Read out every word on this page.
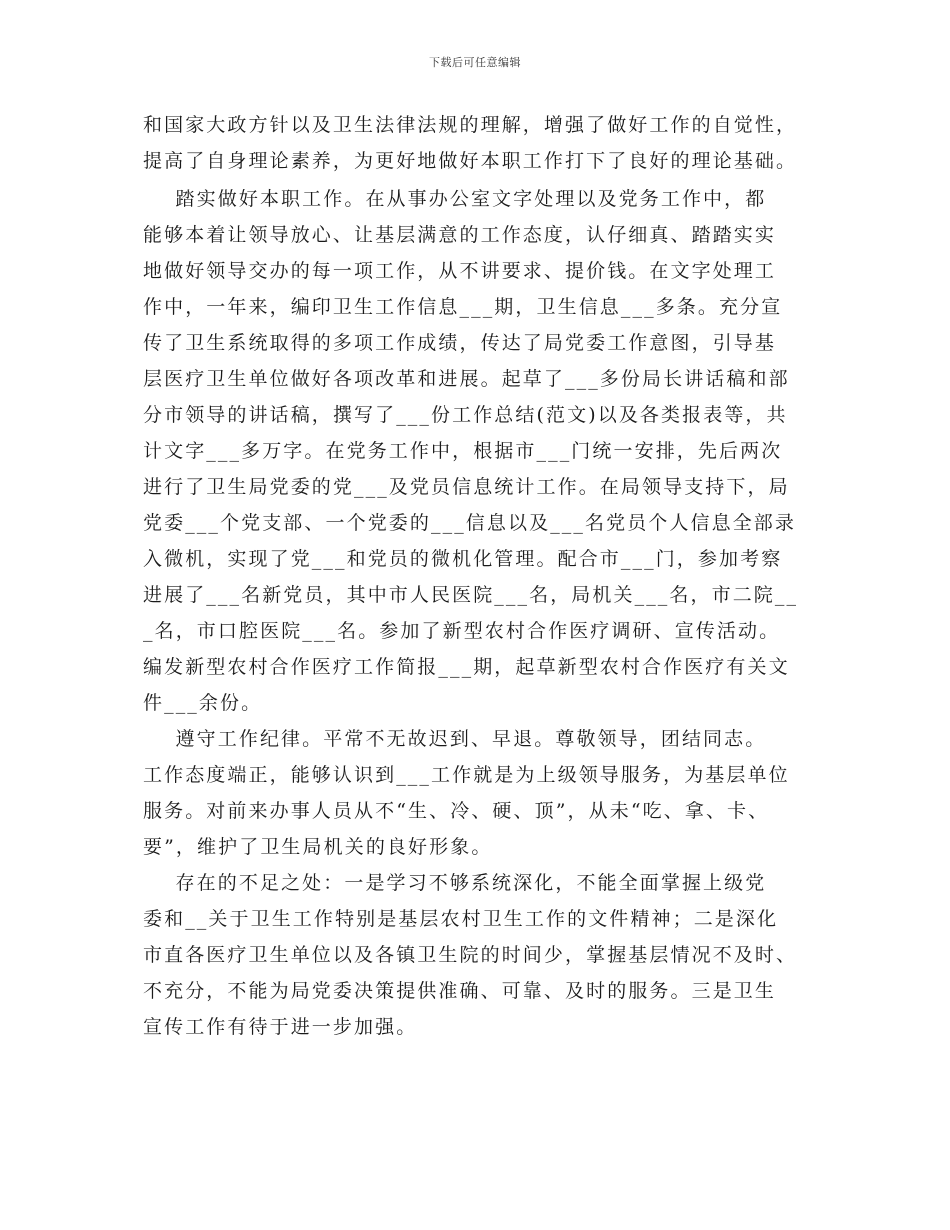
下载后可任意编辑
和国家大政方针以及卫生法律法规的理解，增强了做好工作的自觉性，
提高了自身理论素养，为更好地做好本职工作打下了良好的理论基础。
踏实做好本职工作。在从事办公室文字处理以及党务工作中，都
能够本着让领导放心、让基层满意的工作态度，认仔细真、踏踏实实
地做好领导交办的每一项工作，从不讲要求、提价钱。在文字处理工
作中，一年来，编印卫生工作信息___期，卫生信息___多条。充分宣
传了卫生系统取得的多项工作成绩，传达了局党委工作意图，引导基
层医疗卫生单位做好各项改革和进展。起草了___多份局长讲话稿和部
分市领导的讲话稿，撰写了___份工作总结(范文)以及各类报表等，共
计文字___多万字。在党务工作中，根据市___门统一安排，先后两次
进行了卫生局党委的党___及党员信息统计工作。在局领导支持下，局
党委___个党支部、一个党委的___信息以及___名党员个人信息全部录
入微机，实现了党___和党员的微机化管理。配合市___门，参加考察
进展了___名新党员，其中市人民医院___名，局机关___名，市二院__
_名，市口腔医院___名。参加了新型农村合作医疗调研、宣传活动。
编发新型农村合作医疗工作简报___期，起草新型农村合作医疗有关文
件___余份。
遵守工作纪律。平常不无故迟到、早退。尊敬领导，团结同志。
工作态度端正，能够认识到___工作就是为上级领导服务，为基层单位
服务。对前来办事人员从不“生、冷、硬、顶”，从未“吃、拿、卡、
要”，维护了卫生局机关的良好形象。
存在的不足之处：一是学习不够系统深化，不能全面掌握上级党
委和__关于卫生工作特别是基层农村卫生工作的文件精神；二是深化
市直各医疗卫生单位以及各镇卫生院的时间少，掌握基层情况不及时、
不充分，不能为局党委决策提供准确、可靠、及时的服务。三是卫生
宣传工作有待于进一步加强。
